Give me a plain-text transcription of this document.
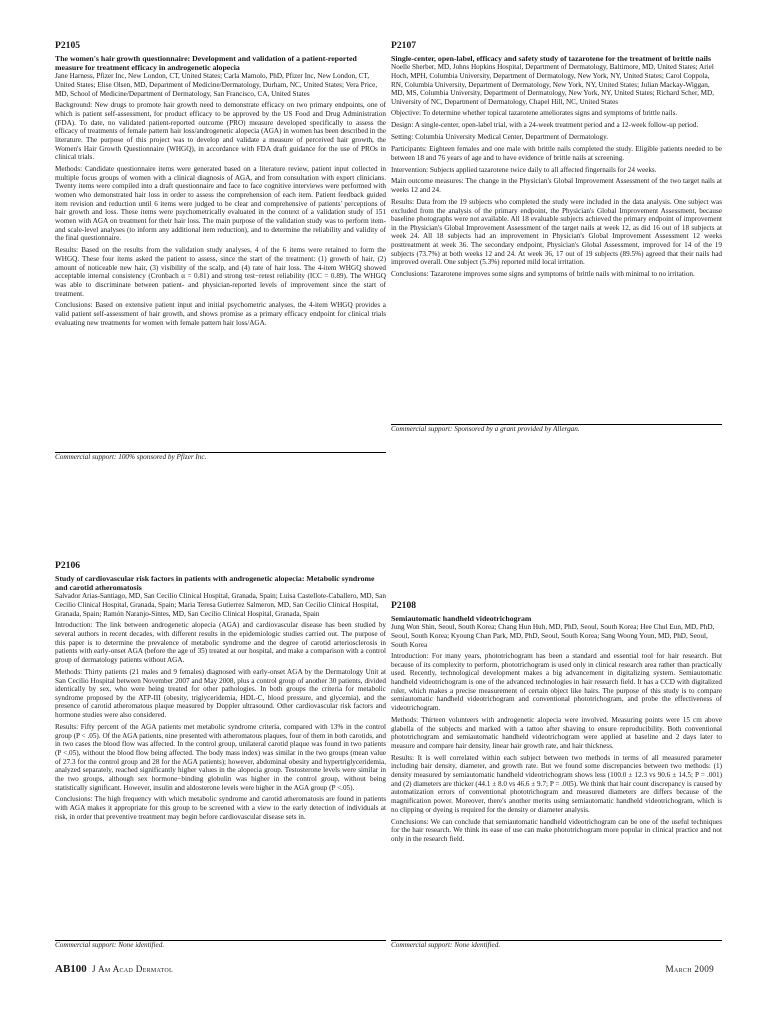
P2105

The women's hair growth questionnaire: Development and validation of a patient-reported measure for treatment efficacy in androgenetic alopecia

Jane Harness, Pfizer Inc, New London, CT, United States; Carla Mamolo, PhD, Pfizer Inc, New London, CT, United States; Elise Olsen, MD, Department of Medicine/Dermatology, Durham, NC, United States; Vera Price, MD, School of Medicine/Department of Dermatology, San Francisco, CA, United States

Background: New drugs to promote hair growth need to demonstrate efficacy on two primary endpoints, one of which is patient self-assessment, for product efficacy to be approved by the US Food and Drug Administration (FDA). To date, no validated patient-reported outcome (PRO) measure developed specifically to assess the efficacy of treatments of female pattern hair loss/androgenetic alopecia (AGA) in women has been described in the literature. The purpose of this project was to develop and validate a measure of perceived hair growth, the Women's Hair Growth Questionnaire (WHGQ), in accordance with FDA draft guidance for the use of PROs in clinical trials.

Methods: Candidate questionnaire items were generated based on a literature review, patient input collected in multiple focus groups of women with a clinical diagnosis of AGA, and from consultation with expert clinicians. Twenty items were compiled into a draft questionnaire and face to face cognitive interviews were performed with women who demonstrated hair loss in order to assess the comprehension of each item. Patient feedback guided item revision and reduction until 6 items were judged to be clear and comprehensive of patients' perceptions of hair growth and loss. These items were psychometrically evaluated in the context of a validation study of 151 women with AGA on treatment for their hair loss. The main purpose of the validation study was to perform item- and scale-level analyses (to inform any additional item reduction), and to determine the reliability and validity of the final questionnaire.

Results: Based on the results from the validation study analyses, 4 of the 6 items were retained to form the WHGQ. These four items asked the patient to assess, since the start of the treatment: (1) growth of hair, (2) amount of noticeable new hair, (3) visibility of the scalp, and (4) rate of hair loss. The 4-item WHGQ showed acceptable internal consistency (Cronbach α = 0.81) and strong test−retest reliability (ICC = 0.89). The WHGQ was able to discriminate between patient- and physician-reported levels of improvement since the start of treatment.

Conclusions: Based on extensive patient input and initial psychometric analyses, the 4-item WHGQ provides a valid patient self-assessment of hair growth, and shows promise as a primary efficacy endpoint for clinical trials evaluating new treatments for women with female pattern hair loss/AGA.

Commercial support: 100% sponsored by Pfizer Inc.

P2107

Single-center, open-label, efficacy and safety study of tazarotene for the treatment of brittle nails

Noelle Sherber, MD, Johns Hopkins Hospital, Department of Dermatology, Baltimore, MD, United States; Ariel Hoch, MPH, Columbia University, Department of Dermatology, New York, NY, United States; Carol Coppola, RN, Columbia University, Department of Dermatology, New York, NY, United States; Julian Mackay-Wiggan, MD, MS, Columbia University, Department of Dermatology, New York, NY, United States; Richard Scher, MD, University of NC, Department of Dermatology, Chapel Hill, NC, United States

Objective: To determine whether topical tazarotene ameliorates signs and symptoms of brittle nails.

Design: A single-center, open-label trial, with a 24-week treatment period and a 12-week follow-up period.

Setting: Columbia University Medical Center, Department of Dermatology.

Participants: Eighteen females and one male with brittle nails completed the study. Eligible patients needed to be between 18 and 76 years of age and to have evidence of brittle nails at screening.

Intervention: Subjects applied tazarotene twice daily to all affected fingernails for 24 weeks.

Main outcome measures: The change in the Physician's Global Improvement Assessment of the two target nails at weeks 12 and 24.

Results: Data from the 19 subjects who completed the study were included in the data analysis. One subject was excluded from the analysis of the primary endpoint, the Physician's Global Improvement Assessment, because baseline photographs were not available. All 18 evaluable subjects achieved the primary endpoint of improvement in the Physician's Global Improvement Assessment of the target nails at week 12, as did 16 out of 18 subjects at week 24. All 18 subjects had an improvement in Physician's Global Improvement Assessment 12 weeks posttreatment at week 36. The secondary endpoint, Physician's Global Assessment, improved for 14 of the 19 subjects (73.7%) at both weeks 12 and 24. At week 36, 17 out of 19 subjects (89.5%) agreed that their nails had improved overall. One subject (5.3%) reported mild local irritation.

Conclusions: Tazarotene improves some signs and symptoms of brittle nails with minimal to no irritation.

Commercial support: Sponsored by a grant provided by Allergan.

P2106

Study of cardiovascular risk factors in patients with androgenetic alopecia: Metabolic syndrome and carotid atheromatosis

Salvador Arias-Santiago, MD, San Cecilio Clinical Hospital, Granada, Spain; Luisa Castellote-Caballero, MD, San Cecilio Clinical Hospital, Granada, Spain; Maria Teresa Gutierrez Salmeron, MD, San Cecilio Clinical Hospital, Granada, Spain; Ramón Naranjo-Sintes, MD, San Cecilio Clinical Hospital, Granada, Spain

Introduction: The link between androgenetic alopecia (AGA) and cardiovascular disease has been studied by several authors in recent decades, with different results in the epidemiologic studies carried out. The purpose of this paper is to determine the prevalence of metabolic syndrome and the degree of carotid arteriosclerosis in patients with early-onset AGA (before the age of 35) treated at our hospital, and make a comparison with a control group of dermatology patients without AGA.

Methods: Thirty patients (21 males and 9 females) diagnosed with early-onset AGA by the Dermatology Unit at San Cecilio Hospital between November 2007 and May 2008, plus a control group of another 30 patients, divided identically by sex, who were being treated for other pathologies. In both groups the criteria for metabolic syndrome proposed by the ATP-III (obesity, triglyceridemia, HDL-C, blood pressure, and glycemia), and the presence of carotid atheromatous plaque measured by Doppler ultrasound. Other cardiovascular risk factors and hormone studies were also considered.

Results: Fifty percent of the AGA patients met metabolic syndrome criteria, compared with 13% in the control group (P < .05). Of the AGA patients, nine presented with atheromatous plaques, four of them in both carotids, and in two cases the blood flow was affected. In the control group, unilateral carotid plaque was found in two patients (P <.05), without the blood flow being affected. The body mass index) was similar in the two groups (mean value of 27.3 for the control group and 28 for the AGA patients); however, abdominal obesity and hypertriglyceridemia, analyzed separately, reached significantly higher values in the alopecia group. Testosterone levels were similar in the two groups, although sex hormone−binding globulin was higher in the control group, without being statistically significant. However, insulin and aldosterone levels were higher in the AGA group (P <.05).

Conclusions: The high frequency with which metabolic syndrome and carotid atheromatosis are found in patients with AGA makes it appropriate for this group to be screened with a view to the early detection of individuals at risk, in order that preventive treatment may begin before cardiovascular disease sets in.

Commercial support: None identified.

P2108

Semiautomatic handheld videotrichogram

Jung Won Shin, Seoul, South Korea; Chang Hun Huh, MD, PhD, Seoul, South Korea; Hee Chul Eun, MD, PhD, Seoul, South Korea; Kyoung Chan Park, MD, PhD, Seoul, South Korea; Sang Woong Youn, MD, PhD, Seoul, South Korea

Introduction: For many years, phototrichogram has been a standard and essential tool for hair research. But because of its complexity to perform, phototrichogram is used only in clinical research area rather than practically used. Recently, technological development makes a big advancement in digitalizing system. Semiautomatic handheld videotrichogram is one of the advanced technologies in hair research field. It has a CCD with digitalized ruler, which makes a precise measurement of certain object like hairs. The purpose of this study is to compare semiautomatic handheld videotrichogram and conventional phototrichogram, and probe the effectiveness of videotrichogram.

Methods: Thirteen volunteers with androgenetic alopecia were involved. Measuring points were 15 cm above glabella of the subjects and marked with a tattoo after shaving to ensure reproducibility. Both conventional phototrichogram and semiautomatic handheld videotrichogram were applied at baseline and 2 days later to measure and compare hair density, linear hair growth rate, and hair thickness.

Results: It is well correlated within each subject between two methods in terms of all measured parameter including hair density, diameter, and growth rate. But we found some discrepancies between two methods: (1) density measured by semiautomatic handheld videotrichogram shows less (100.0 ± 12.3 vs 90.6 ± 14.5; P = .001) and (2) diameters are thicker (44.1 ± 8.0 vs 46.6 ± 9.7; P = .005). We think that hair count discrepancy is caused by automatization errors of conventional phototrichogram and measured diameters are differs because of the magnification power. Moreover, there's another merits using semiautomatic handheld videotrichogram, which is no clipping or dyeing is required for the density or diameter analysis.

Conclusions: We can conclude that semiautomatic handheld videotrichogram can be one of the useful techniques for the hair research. We think its ease of use can make phototrichogram more popular in clinical practice and not only in the research field.

Commercial support: None identified.
AB100 J Am Acad Dermatol	March 2009
